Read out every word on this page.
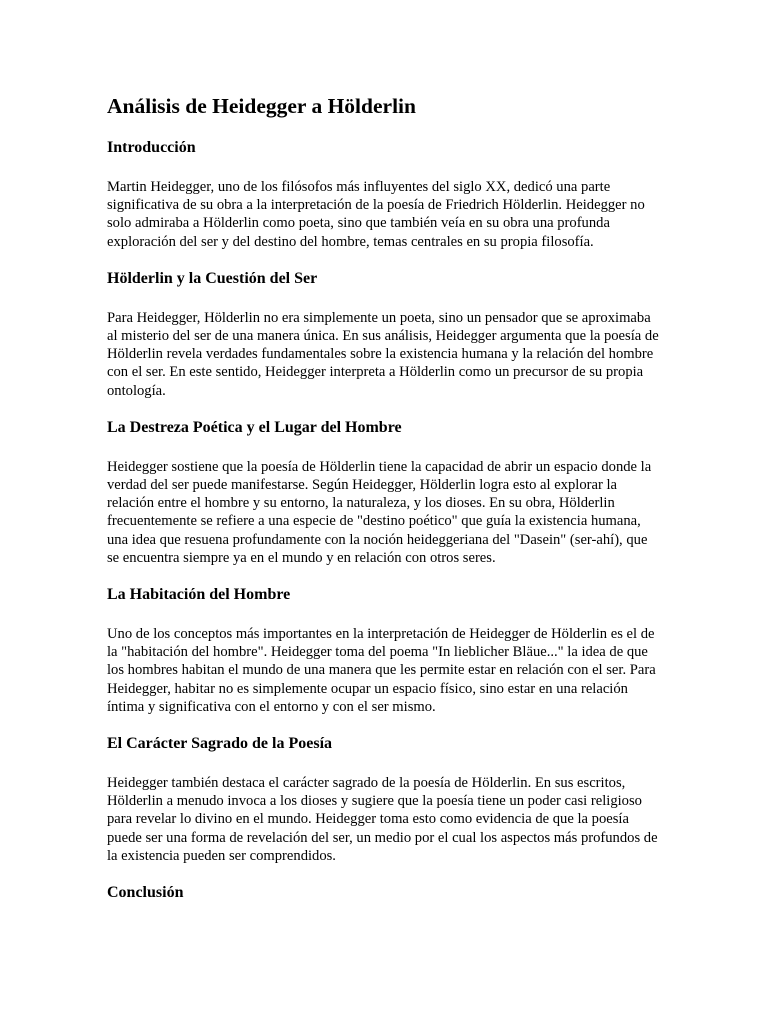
Análisis de Heidegger a Hölderlin
Introducción

Martin Heidegger, uno de los filósofos más influyentes del siglo XX, dedicó una parte significativa de su obra a la interpretación de la poesía de Friedrich Hölderlin. Heidegger no solo admiraba a Hölderlin como poeta, sino que también veía en su obra una profunda exploración del ser y del destino del hombre, temas centrales en su propia filosofía.

Hölderlin y la Cuestión del Ser

Para Heidegger, Hölderlin no era simplemente un poeta, sino un pensador que se aproximaba al misterio del ser de una manera única. En sus análisis, Heidegger argumenta que la poesía de Hölderlin revela verdades fundamentales sobre la existencia humana y la relación del hombre con el ser. En este sentido, Heidegger interpreta a Hölderlin como un precursor de su propia ontología.

La Destreza Poética y el Lugar del Hombre

Heidegger sostiene que la poesía de Hölderlin tiene la capacidad de abrir un espacio donde la verdad del ser puede manifestarse. Según Heidegger, Hölderlin logra esto al explorar la relación entre el hombre y su entorno, la naturaleza, y los dioses. En su obra, Hölderlin frecuentemente se refiere a una especie de "destino poético" que guía la existencia humana, una idea que resuena profundamente con la noción heideggeriana del "Dasein" (ser-ahí), que se encuentra siempre ya en el mundo y en relación con otros seres.

La Habitación del Hombre

Uno de los conceptos más importantes en la interpretación de Heidegger de Hölderlin es el de la "habitación del hombre". Heidegger toma del poema "In lieblicher Bläue..." la idea de que los hombres habitan el mundo de una manera que les permite estar en relación con el ser. Para Heidegger, habitar no es simplemente ocupar un espacio físico, sino estar en una relación íntima y significativa con el entorno y con el ser mismo.

El Carácter Sagrado de la Poesía

Heidegger también destaca el carácter sagrado de la poesía de Hölderlin. En sus escritos, Hölderlin a menudo invoca a los dioses y sugiere que la poesía tiene un poder casi religioso para revelar lo divino en el mundo. Heidegger toma esto como evidencia de que la poesía puede ser una forma de revelación del ser, un medio por el cual los aspectos más profundos de la existencia pueden ser comprendidos.

Conclusión
